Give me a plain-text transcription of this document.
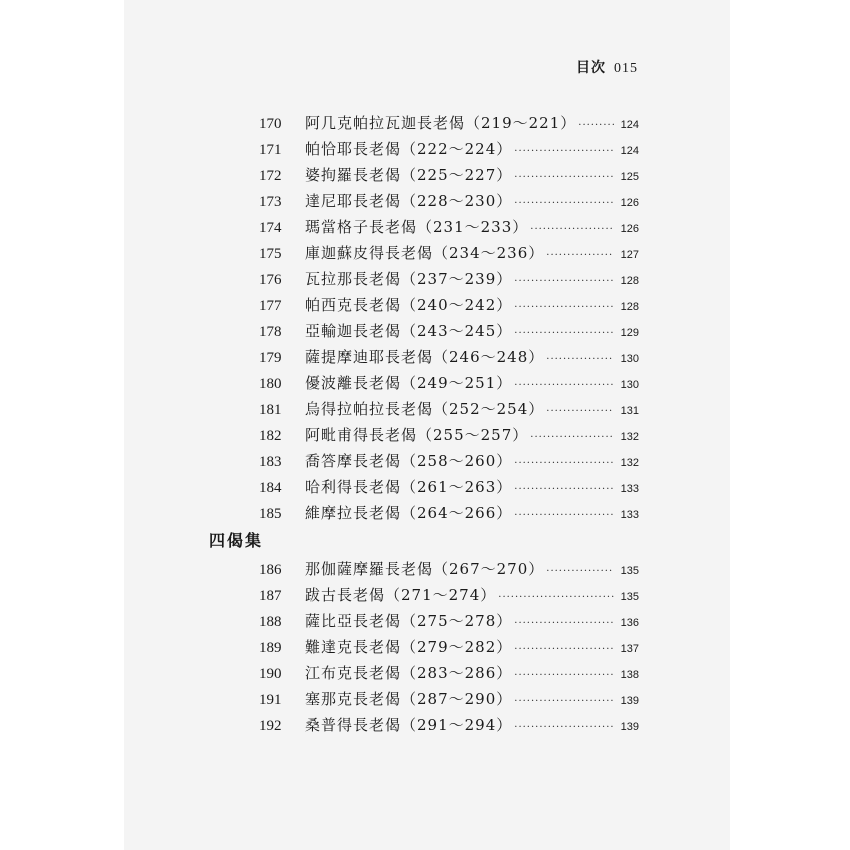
目次 015
170	阿几克帕拉瓦迦長老偈（219～221） ·····	124
171	帕恰耶長老偈（222～224） ·····	124
172	婆拘羅長老偈（225～227） ·····	125
173	達尼耶長老偈（228～230） ·····	126
174	瑪當格子長老偈（231～233） ·····	126
175	庫迦蘇皮得長老偈（234～236） ·····	127
176	瓦拉那長老偈（237～239） ·····	128
177	帕西克長老偈（240～242） ·····	128
178	亞輸迦長老偈（243～245） ·····	129
179	薩提摩迪耶長老偈（246～248） ·····	130
180	優波離長老偈（249～251） ·····	130
181	烏得拉帕拉長老偈（252～254） ·····	131
182	阿毗甫得長老偈（255～257） ·····	132
183	喬答摩長老偈（258～260） ·····	132
184	哈利得長老偈（261～263） ·····	133
185	維摩拉長老偈（264～266） ·····	133
四偈集
186	那伽薩摩羅長老偈（267～270） ·····	135
187	跋古長老偈（271～274） ·····	135
188	薩比亞長老偈（275～278） ·····	136
189	難達克長老偈（279～282） ·····	137
190	江布克長老偈（283～286） ·····	138
191	塞那克長老偈（287～290） ·····	139
192	桑普得長老偈（291～294） ·····	139
